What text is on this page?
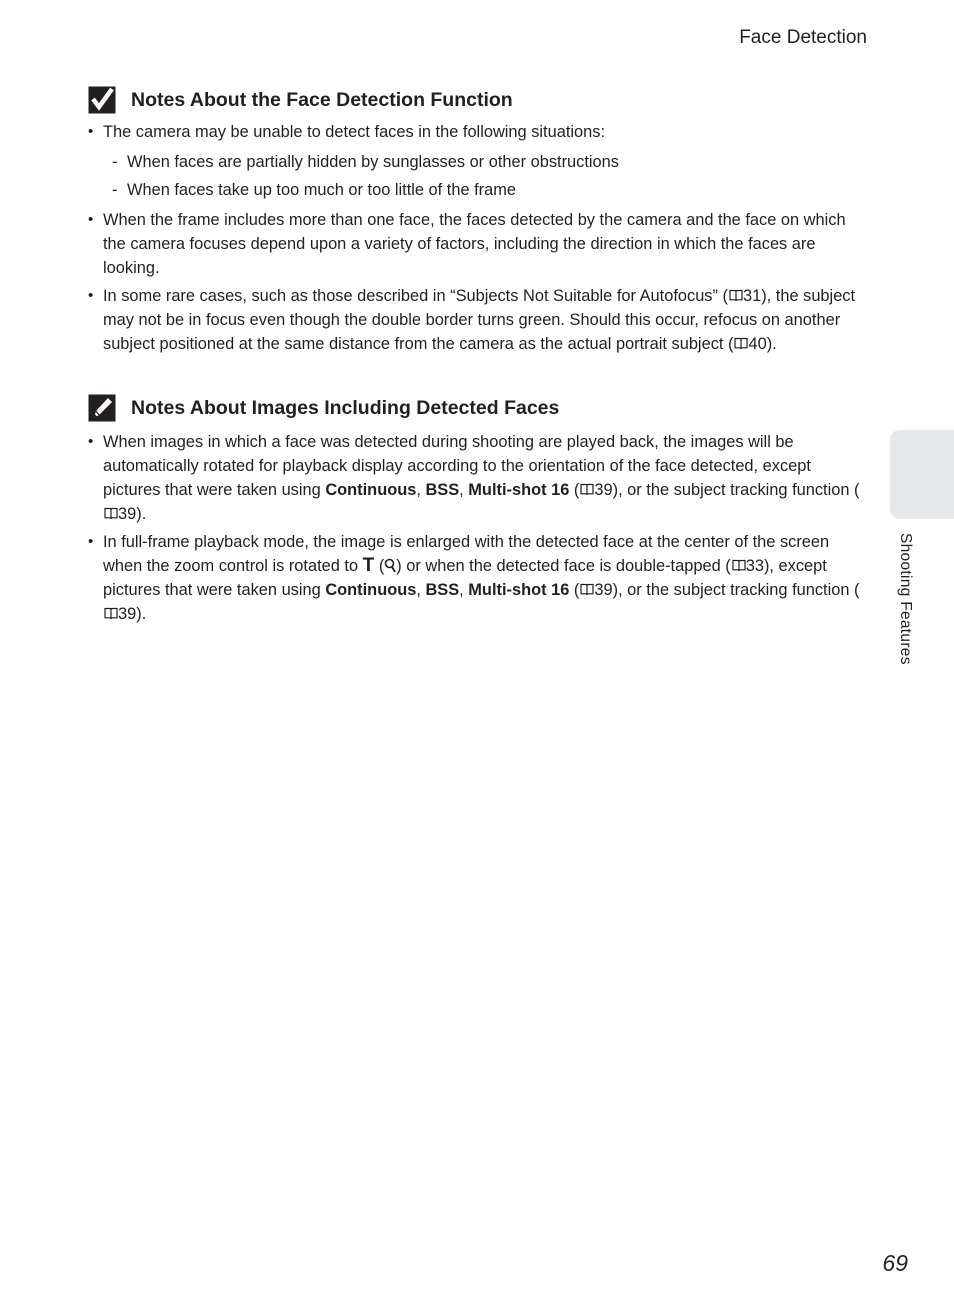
Face Detection
Notes About the Face Detection Function
• The camera may be unable to detect faces in the following situations:
- When faces are partially hidden by sunglasses or other obstructions
- When faces take up too much or too little of the frame
• When the frame includes more than one face, the faces detected by the camera and the face on which the camera focuses depend upon a variety of factors, including the direction in which the faces are looking.
• In some rare cases, such as those described in “Subjects Not Suitable for Autofocus” ( 31), the subject may not be in focus even though the double border turns green. Should this occur, refocus on another subject positioned at the same distance from the camera as the actual portrait subject ( 40).
Notes About Images Including Detected Faces
• When images in which a face was detected during shooting are played back, the images will be automatically rotated for playback display according to the orientation of the face detected, except pictures that were taken using Continuous, BSS, Multi-shot 16 ( 39), or the subject tracking function (39).
• In full-frame playback mode, the image is enlarged with the detected face at the center of the screen when the zoom control is rotated to T ( ) or when the detected face is double-tapped ( 33), except pictures that were taken using Continuous, BSS, Multi-shot 16 ( 39), or the subject tracking function (39).	Shooting Features
69
